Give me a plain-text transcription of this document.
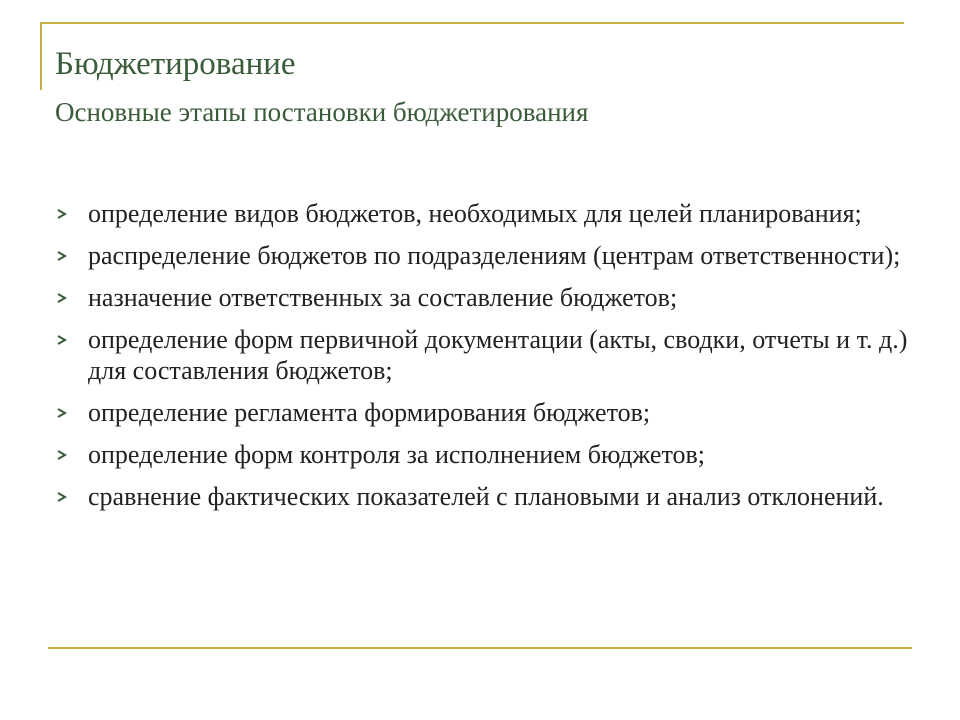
Бюджетирование
Основные этапы постановки бюджетирования
определение видов бюджетов, необходимых для целей планирования;
распределение бюджетов по подразделениям (центрам ответственности);
назначение ответственных за составление бюджетов;
определение форм первичной документации (акты, сводки, отчеты и т. д.) для составления бюджетов;
определение регламента формирования бюджетов;
определение форм контроля за исполнением бюджетов;
сравнение фактических показателей с плановыми и анализ отклонений.
